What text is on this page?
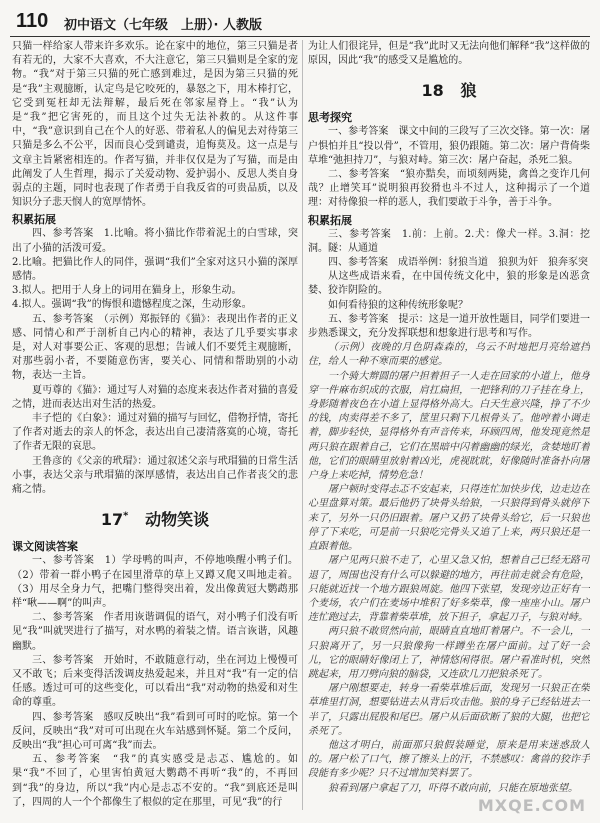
110 初中语文（七年级　上册）· 人教版

只猫一样给家人带来许多欢乐。论在家中的地位，第三只猫是者有若无的，大家不大喜欢，不大注意它，第三只猫则是全家的宠物。“我”对于第三只猫的死亡感到难过，是因为第三只猫的死是“我”主观臆断，认定鸟是它咬死的，暴怒之下，用木棒打它，它受到冤枉却无法辩解，最后死在邻家屋脊上。“我”认为是“我”把它害死的，而且这个过失无法补救的。从这件事中，“我”意识到自己在个人的好恶、带着私人的偏见去对待第三只猫是多么不公平，因而良心受到谴责，追悔莫及。这一点是与文章主旨紧密相连的。作者写猫，并非仅仅是为了写猫，而是由此阐发了人生哲理，揭示了关爱动物、爱护弱小、反思人类自身弱点的主题，同时也表现了作者勇于自我反省的可贵品质，以及知识分子悲天悯人的宽厚情怀。

积累拓展

四、参考答案　1.比喻。将小猫比作带着泥土的白雪球，突出了小猫的活泼可爱。

2.比喻。把猫比作人的同伴，强调“我们”全家对这只小猫的深厚感情。

3.拟人。把用于人身上的词用在猫身上，形象生动。

4.拟人。强调“我”的悔恨和遗憾程度之深，生动形象。

五、参考答案　（示例）郑振铎的《猫》：表现出作者的正义感、同情心和严于剖析自己内心的精神，表达了几乎要实事求是，对人对事要公正、客观的思想；告诫人们不要凭主观臆断，对那些弱小者，不要随意伤害，要关心、同情和帮助别的小动物，表达一主旨。

夏丏尊的《猫》：通过写人对猫的态度来表达作者对猫的喜爱之情，进而表达出对生活的热爱。

丰子恺的《白象》：通过对猫的描写与回忆，借物抒情，寄托了作者对逝去的亲人的怀念，表达出自己凄清落寞的心境，寄托了作者无限的哀思。

王鲁彦的《父亲的玳瑁》：通过叙述父亲与玳瑁猫的日常生活小事，表达父亲与玳瑁猫的深厚感情，表达出自己作者丧父的悲痛之情。

17* 动物笑谈

课文阅读答案

一、参考答案　1）学母鸭的叫声，不停地唤醒小鸭子们。（2）带着一群小鸭子在园里滑草的草上又蹲又爬又叫地走着。（3）用尽全身力气，把嘴门整得突出着，发出像黄冠大鹦鹉那样“啾——啊”的叫声。

二、参考答案　作者用诙谐调侃的语气，对小鸭子们没有听见“我”叫就哭进行了描写，对水鸭的着装之情。语言诙谐，风趣幽默。

三、参考答案　开始时，不敢随意行动，坐在河边上慢慢可又不敢飞；后来变得活泼调皮热爱起来，并且对“我”有一定的信任感。透过可可的这些变化，可以看出“我”对动物的热爱和对生命的尊重。

四、参考答案　感叹反映出“我”看到可可时的吃惊。第一个反问，反映出“我”对可可出现在火车站感到怀疑。第二个反问，反映出“我”担心可可离“我”而去。

五、参考答案　“我”的真实感受是忐忑、尴尬的。如果“我”不回了，心里害怕黄冠大鹦鹉不再听“我”的，不再回到“我”的身边，所以“我”内心是忐忑不安的。“我”到底还是叫了，四周的人一个个都像生了根似的定在那里，可见“我”的行

为让人们很诧异，但是“我”此时又无法向他们解释“我”这样做的原因，因此“我”的感受又是尴尬的。

18 狼

思考探究

一、参考答案　课文中间的三段写了三次交锋。第一次：屠户惧怕并且“投以骨”，不管用，狼仍跟随。第二次：屠户背倚柴草堆“弛担持刀”，与狼对峙。第三次：屠户奋起，杀死二狼。

二、参考答案　“狼亦黠矣，而顷刻两毙，禽兽之变诈几何哉？止增笑耳”说明狼再狡猾也斗不过人，这种揭示了一个道理：对待像狼一样的恶人，我们要敢于斗争，善于斗争。

积累拓展

三、参考答案　1.前：上前。2.犬：像犬一样。3.洞：挖洞。隧：从通道

四、参考答案　成语举例：豺狼当道　狼狈为奸　狼奔豕突

从这些成语来看，在中国传统文化中，狼的形象是凶恶贪婪、狡诈阴险的。

如何看待狼的这种传统形象呢？

五、参考答案　提示：这是一道开放性题目，同学们要进一步熟悉课文，充分发挥联想和想象进行思考和写作。

（示例）夜晚的月色阴森森的，乌云不时地把月亮给遮挡住，给人一种不寒而栗的感觉。

一个骑大辫圆的屠户担着担子一人走在回家的小道上，他身穿一件麻布织成的衣服，肩扛扁担，一把锋利的刀子挂在身上，身影随着夜色在小道上显得格外高大。白天生意兴隆，挣了不少的钱，肉卖得差不多了，筐里只剩下几根骨头了。他哼着小调走着，脚步轻快，显得格外有声音传来，环顾四周，他发现竟然是两只狼在跟着自己，它们在黑暗中闪着幽幽的绿光，贪婪地盯着他，它们的眼睛里放射着凶光，虎视眈眈，好像随时准备扑向屠户身上来吃掉，情势危急！

屠户顿时变得忐忑不安起来，只得连忙加快步伐，边走边在心里盘算对策。最后他扔了块骨头给狼，一只狼得到骨头就停下来了，另外一只仍旧跟着。屠户又扔了块骨头给它，后一只狼也停了下来吃，可是前一只狼吃完骨头又追了上来，两只狼还是一直跟着他。

屠户见两只狼不走了，心里又急又怕，想着自己已经无路可退了，周围也没有什么可以躲避的地方，再往前走就会有危险，只能就近找一个地方跟狼周旋。他四下张望，发现旁边正好有一个麦场，农户们在麦场中堆积了好多柴草，像一座座小山。屠户连忙跑过去，背靠着柴草堆，放下担子，拿起刀子，与狼对峙。

两只狼不敢贸然向前，眼睛直直地盯着屠户。不一会儿，一只狼离开了，另一只狼像狗一样蹲坐在屠户面前。过了好一会儿，它的眼睛好像闭上了，神情悠闲得很。屠户看准时机，突然跳起来，用刀劈向狼的脑袋，又连砍几刀把狼杀死了。

屠户刚想要走，转身一看柴草堆后面，发现另一只狼正在柴草堆里打洞，想要钻进去从背后攻击他。狼的身子已经钻进去一半了，只露出屁股和尾巴。屠户从后面砍断了狼的大腿，也把它杀死了。

他这才明白，前面那只狼假装睡觉，原来是用来迷惑敌人的。屠户松了口气，擦了擦头上的汗，不禁感叹：禽兽的狡诈手段能有多少呢？只不过增加笑料罢了。

狼看到屠户拿起了刀，吓得不敢向前，只能在原地张望。

MXQE.COM
